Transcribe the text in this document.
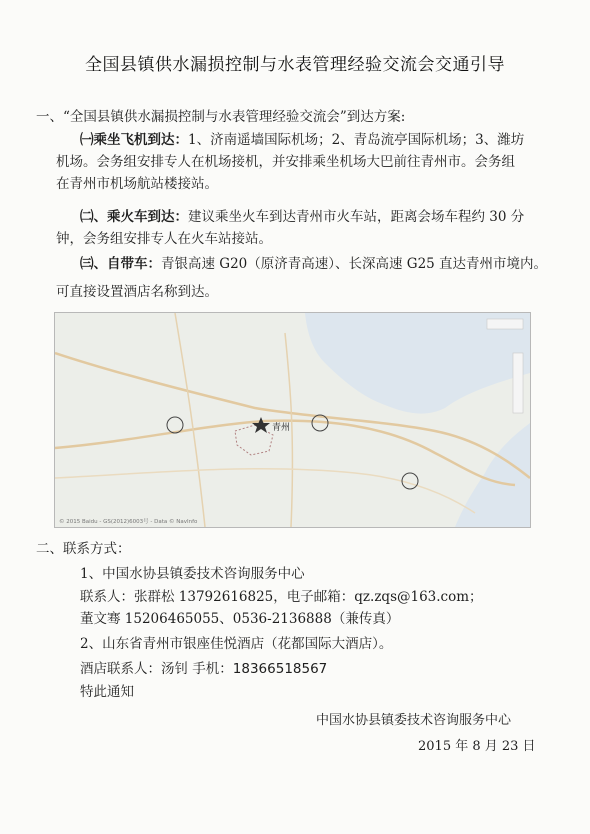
全国县镇供水漏损控制与水表管理经验交流会交通引导
一、“全国县镇供水漏损控制与水表管理经验交流会”到达方案:
㈠乘坐飞机到达：1、济南遥墙国际机场；2、青岛流亭国际机场；3、潍坊
机场。会务组安排专人在机场接机，并安排乘坐机场大巴前往青州市。会务组
在青州市机场航站楼接站。
㈡、乘火车到达：建议乘坐火车到达青州市火车站，距离会场车程约 30 分
钟，会务组安排专人在火车站接站。
㈢、自带车：青银高速 G20（原济青高速）、长深高速 G25 直达青州市境内。
可直接设置酒店名称到达。
青州
© 2015 Baidu - GS(2012)6003号 - Data © NavInfo
二、联系方式：
1、中国水协县镇委技术咨询服务中心
联系人：张群松 13792616825，电子邮箱：qz.zqs@163.com；
董文骞 15206465055、0536-2136888（兼传真）
2、山东省青州市银座佳悦酒店（花都国际大酒店）。
酒店联系人：汤钊 手机：18366518567
特此通知
中国水协县镇委技术咨询服务中心
2015 年 8 月 23 日
